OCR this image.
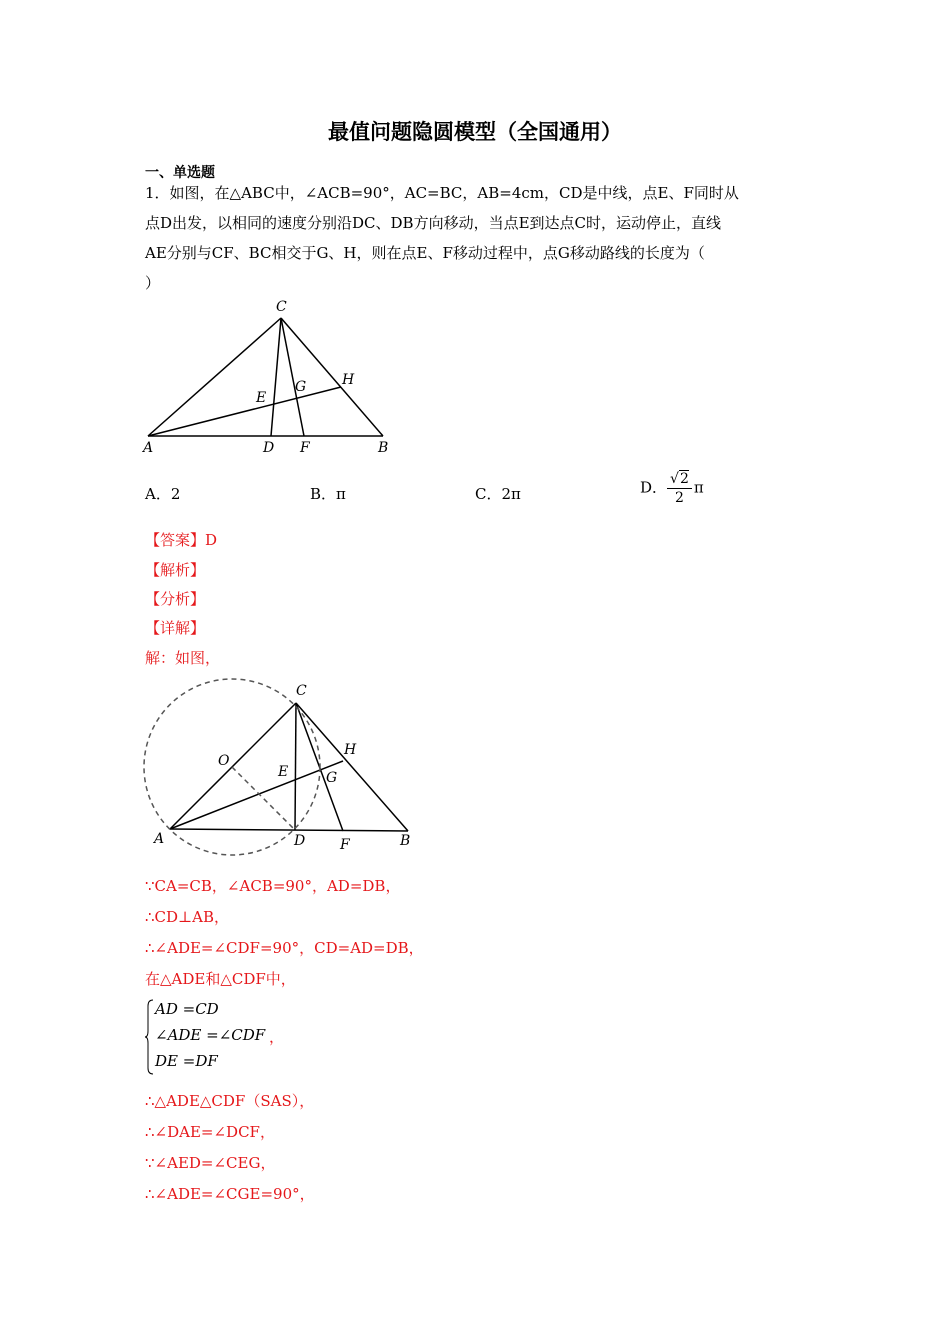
最值问题隐圆模型（全国通用）
一、单选题
1．如图，在△ABC中，∠ACB=90°，AC=BC，AB=4cm，CD是中线，点E、F同时从
点D出发，以相同的速度分别沿DC、DB方向移动，当点E到达点C时，运动停止，直线
AE分别与CF、BC相交于G、H，则在点E、F移动过程中，点G移动路线的长度为（
）
C
H
G
E
A	D F	B
A．2	B．π	C．2π	D． $\frac{√2}{2}$ π
【答案】D
【解析】
【分析】
【详解】
解：如图，
C
H
O
E	G
A	D F	B
∵CA=CB，∠ACB=90°，AD=DB，
∴CD⊥AB，
∴∠ADE=∠CDF=90°，CD=AD=DB，
在△ADE和△CDF中，
AD =CD
∠ADE =∠CDF
DE =DF
，
∴△ADE△CDF（SAS），
∴∠DAE=∠DCF，
∵∠AED=∠CEG，
∴∠ADE=∠CGE=90°，
